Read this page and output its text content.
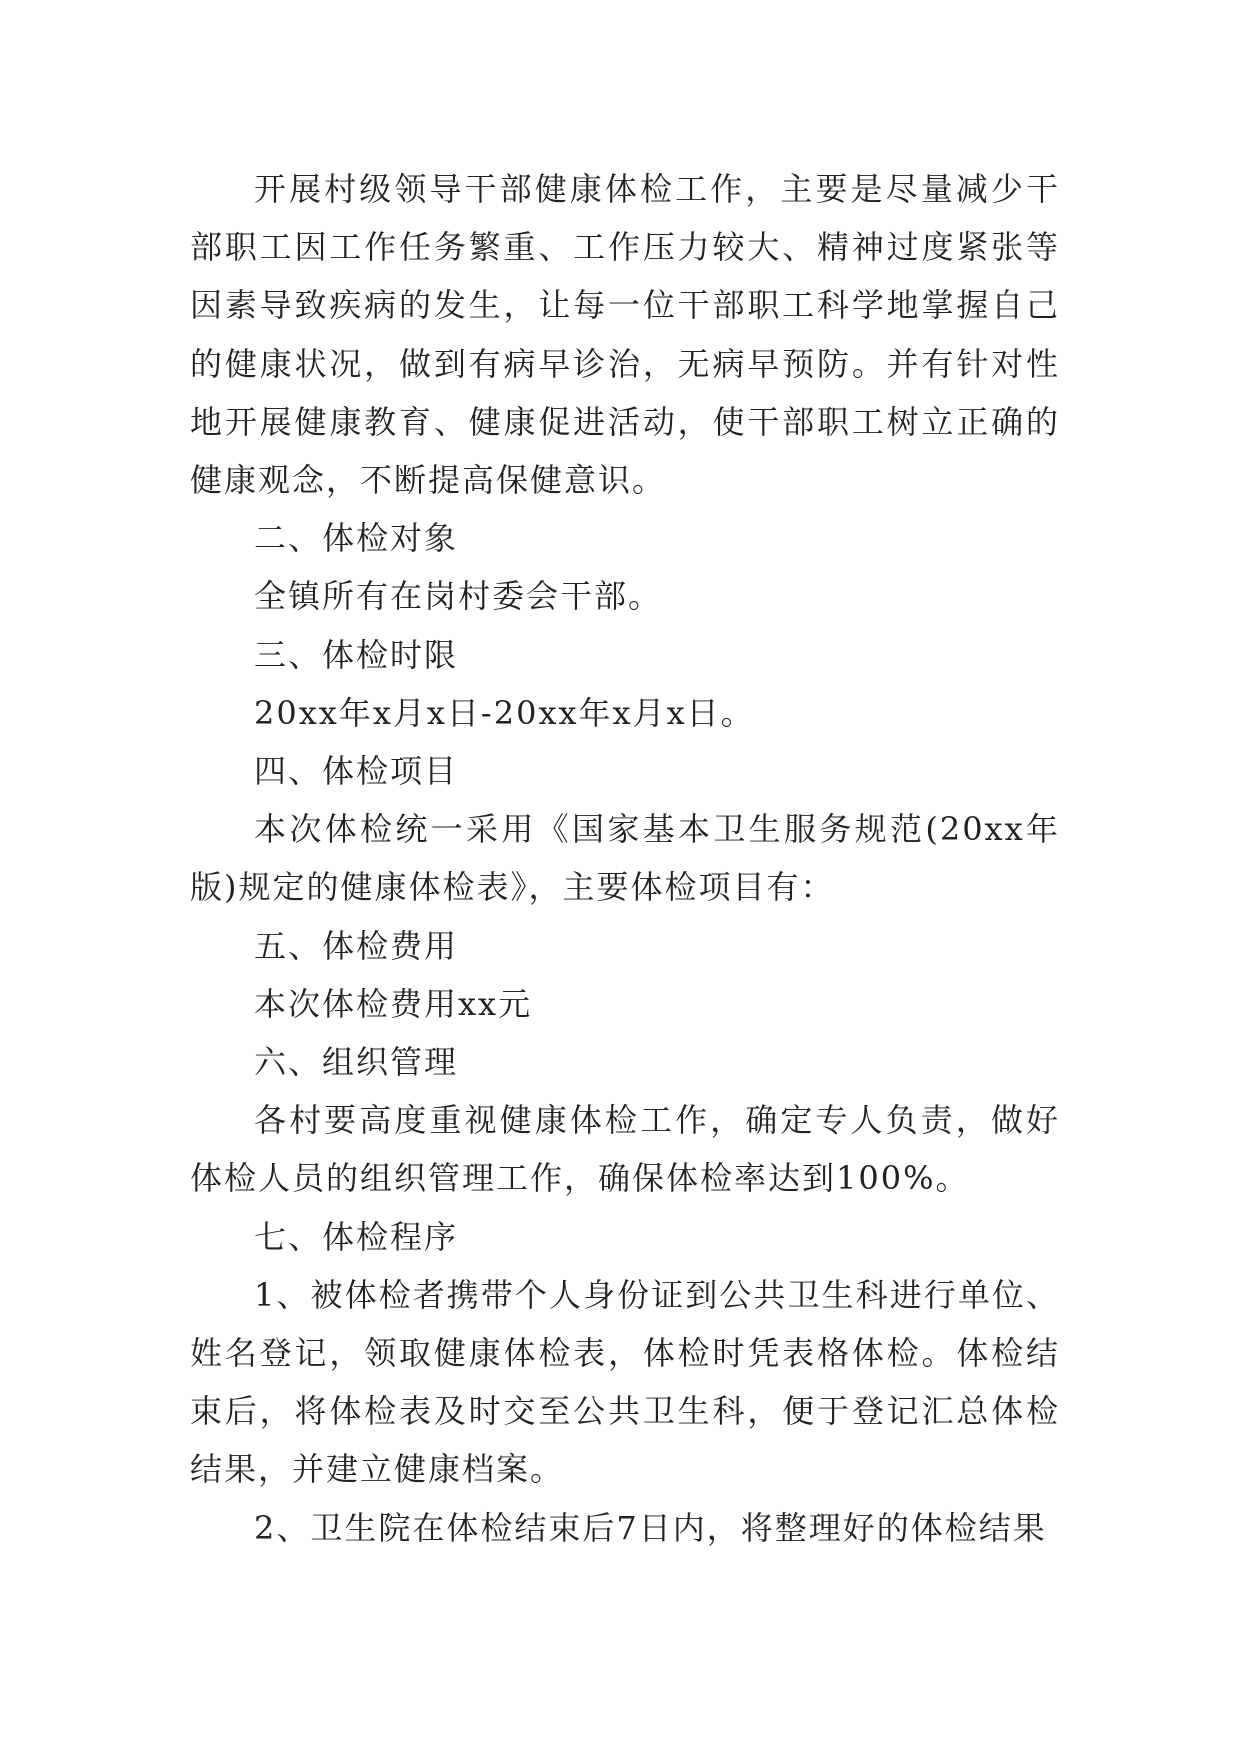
开展村级领导干部健康体检工作，主要是尽量减少干部职工因工作任务繁重、工作压力较大、精神过度紧张等因素导致疾病的发生，让每一位干部职工科学地掌握自己的健康状况，做到有病早诊治，无病早预防。并有针对性地开展健康教育、健康促进活动，使干部职工树立正确的健康观念，不断提高保健意识。

二、体检对象

全镇所有在岗村委会干部。

三、体检时限

20xx年x月x日-20xx年x月x日。

四、体检项目

本次体检统一采用《国家基本卫生服务规范(20xx年版)规定的健康体检表》，主要体检项目有：

五、体检费用

本次体检费用xx元

六、组织管理

各村要高度重视健康体检工作，确定专人负责，做好体检人员的组织管理工作，确保体检率达到100%。

七、体检程序

1、被体检者携带个人身份证到公共卫生科进行单位、姓名登记，领取健康体检表，体检时凭表格体检。体检结束后，将体检表及时交至公共卫生科，便于登记汇总体检结果，并建立健康档案。

2、卫生院在体检结束后7日内，将整理好的体检结果
